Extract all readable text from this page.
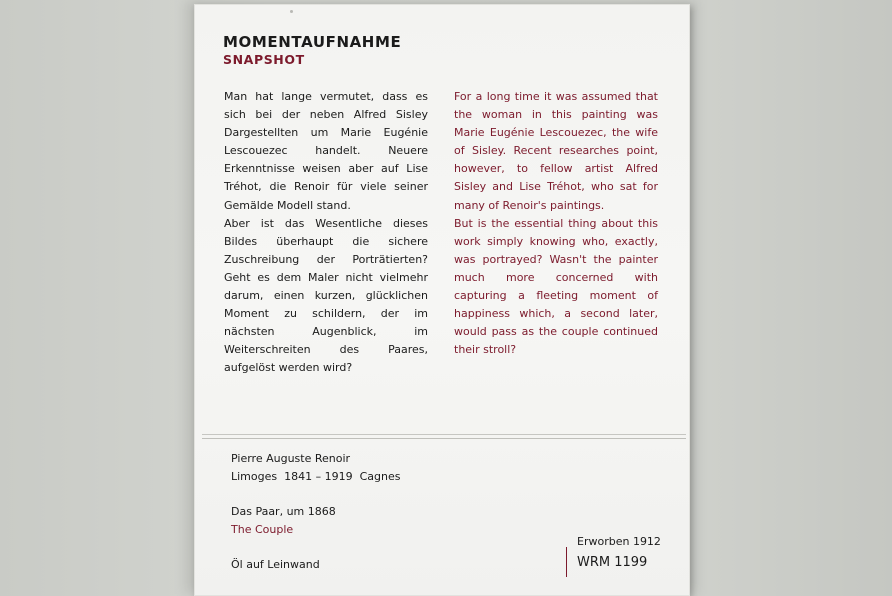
MOMENTAUFNAHME
SNAPSHOT

Man hat lange vermutet, dass es sich bei der neben Alfred Sisley Dargestellten um Marie Eugénie Lescouezec handelt. Neuere Erkenntnisse weisen aber auf Lise Tréhot, die Renoir für viele seiner Gemälde Modell stand.

Aber ist das Wesentliche dieses Bildes überhaupt die sichere Zuschreibung der Porträtierten? Geht es dem Maler nicht vielmehr darum, einen kurzen, glücklichen Moment zu schildern, der im nächsten Augenblick, im Weiterschreiten des Paares, aufgelöst werden wird?

For a long time it was assumed that the woman in this painting was Marie Eugénie Lescouezec, the wife of Sisley. Recent researches point, however, to fellow artist Alfred Sisley and Lise Tréhot, who sat for many of Renoir's paintings.

But is the essential thing about this work simply knowing who, exactly, was portrayed? Wasn't the painter much more concerned with capturing a fleeting moment of happiness which, a second later, would pass as the couple continued their stroll?

Pierre Auguste Renoir
Limoges  1841 – 1919  Cagnes
Das Paar, um 1868
The Couple
Öl auf Leinwand
Erworben 1912
WRM 1199
